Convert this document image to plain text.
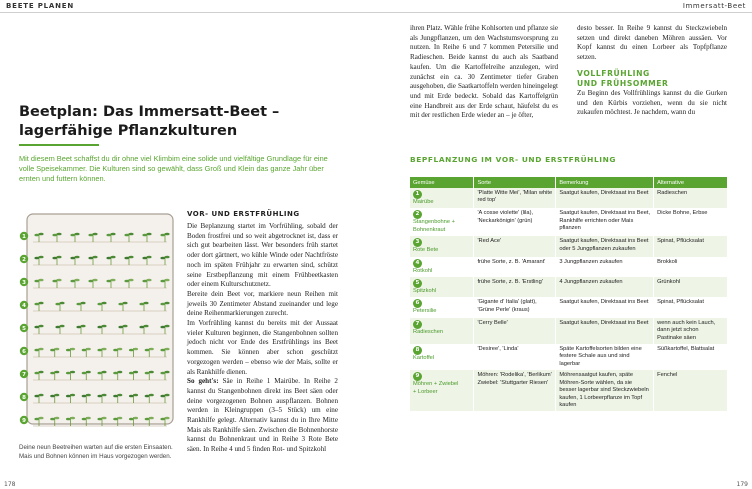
BEETE PLANEN	Immersatt-Beet
178	179
Beetplan: Das Immersatt-Beet –
lagerfähige Pflanzkulturen
Mit diesem Beet schaffst du dir ohne viel Klimbim eine solide und vielfältige Grundlage für eine volle Speisekammer. Die Kulturen sind so gewählt, dass Groß und Klein das ganze Jahr über ernten und futtern können.
1
2
3
4
5
6
7
8
9
Deine neun Beetreihen warten auf die ersten Einsaaten. Mais und Bohnen können im Haus vorgezogen werden.
VOR- UND ERSTFRÜHLING

Die Beplanzung startet im Vorfrühling, sobald der Boden frostfrei und so weit abgetrocknet ist, dass er sich gut bearbeiten lässt. Wer besonders früh startet oder dort gärtnert, wo kühle Winde oder Nachtfröste noch im späten Frühjahr zu erwarten sind, schützt seine Erstbepflanzung mit einem Frühbeetkasten oder einem Kulturschutznetz.

Bereite dein Beet vor, markiere neun Reihen mit jeweils 30 Zentimeter Abstand zueinander und lege deine Reihenmarkierungen zurecht.

Im Vorfrühling kannst du bereits mit der Aussaat vieler Kulturen beginnen, die Stangenbohnen sollten jedoch nicht vor Ende des Erstfrühlings ins Beet kommen. Sie können aber schon geschützt vorgezogen werden – ebenso wie der Mais, sollte er als Rankhilfe dienen.

So geht's: Säe in Reihe 1 Mairübe. In Reihe 2 kannst du Stangenbohnen direkt ins Beet säen oder deine vorgezogenen Bohnen auspflanzen. Bohnen werden in Kleingruppen (3–5 Stück) um eine Rankhilfe gelegt. Alternativ kannst du in Ihre Mitte Mais als Rankhilfe säen. Zwischen die Bohnenhorste kannst du Bohnenkraut und in Reihe 3 Rote Bete säen. In Reihe 4 und 5 finden Rot- und Spitzkohl

ihren Platz. Wähle frühe Kohlsorten und pflanze sie als Jungpflanzen, um den Wachstumsvorsprung zu nutzen. In Reihe 6 und 7 kommen Petersilie und Radieschen. Beide kannst du auch als Saatband kaufen. Um die Kartoffelreihe anzulegen, wird zunächst ein ca. 30 Zentimeter tiefer Graben ausgehoben, die Saatkartoffeln werden hineingelegt und mit Erde bedeckt. Sobald das Kartoffelgrün eine Handbreit aus der Erde schaut, häufelst du es mit der restlichen Erde wieder an – je öfter,

desto besser. In Reihe 9 kannst du Steckzwiebeln setzen und direkt daneben Möhren aussäen. Vor Kopf kannst du einen Lorbeer als Topfpflanze setzen.

VOLLFRÜHLING
UND FRÜHSOMMER

Zu Beginn des Vollfrühlings kannst du die Gurken und den Kürbis vorziehen, wenn du sie nicht zukaufen möchtest. Je nachdem, wann du

BEPFLANZUNG IM VOR- UND ERSTFRÜHLING
Gemüse	Sorte	Bemerkung	Alternative
1Mairübe	'Platte Witte Mei', 'Milan white red top'	Saatgut kaufen, Direktsaat ins Beet	Radieschen
2Stangenbohne + Bohnenkraut	'A cosse violette' (lila), 'Neckarkönigin' (grün)	Saatgut kaufen, Direktsaat ins Beet, Rankhilfe errichten oder Mais pflanzen	Dicke Bohne, Erbse
3Rote Bete	'Red Ace'	Saatgut kaufen, Direktsaat ins Beet oder 5 Jungpflanzen zukaufen	Spinat, Pflücksalat
4Rotkohl	frühe Sorte, z. B. 'Amarant'	3 Jungpflanzen zukaufen	Brokkoli
5Spitzkohl	frühe Sorte, z. B. 'Erstling'	4 Jungpflanzen zukaufen	Grünkohl
6Petersilie	'Gigante d' Italia' (glatt), 'Grüne Perle' (kraus)	Saatgut kaufen, Direktsaat ins Beet	Spinat, Pflücksalat
7Radieschen	'Cerry Belle'	Saatgut kaufen, Direktsaat ins Beet	wenn auch kein Lauch, dann jetzt schon Pastinake säen
8Kartoffel	'Desiree', 'Linda'	Späte Kartoffelsorten bilden eine festere Schale aus und sind lagerbar	Süßkartoffel, Blattsalat
9Möhren + Zwiebel + Lorbeer	Möhren: 'Rodelika', 'Berlikum' Zwiebel: 'Stuttgarter Riesen'	Möhrensaatgut kaufen, späte Möhren-Sorte wählen, da sie besser lagerbar sind Steckzwiebeln kaufen, 1 Lorbeerpflanze im Topf kaufen	Fenchel
